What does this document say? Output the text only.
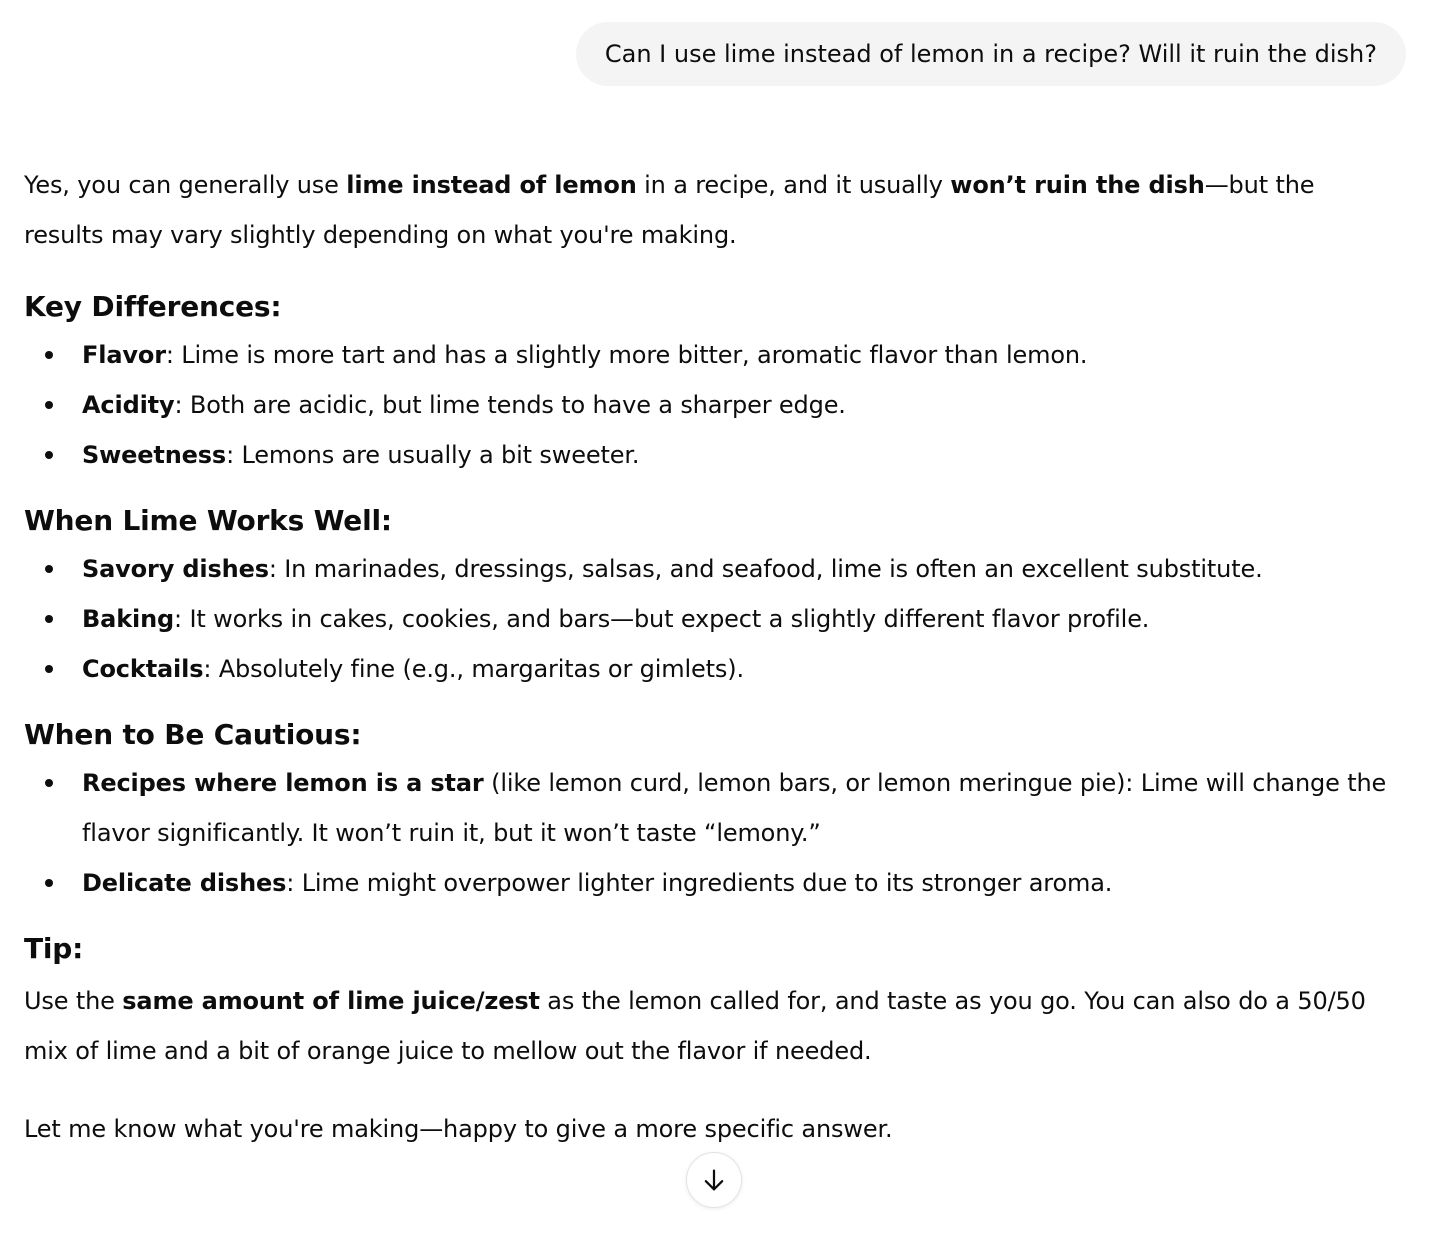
Can I use lime instead of lemon in a recipe? Will it ruin the dish?

Yes, you can generally use lime instead of lemon in a recipe, and it usually won’t ruin the dish—but the results may vary slightly depending on what you're making.

Key Differences:
Flavor: Lime is more tart and has a slightly more bitter, aromatic flavor than lemon.
Acidity: Both are acidic, but lime tends to have a sharper edge.
Sweetness: Lemons are usually a bit sweeter.
When Lime Works Well:
Savory dishes: In marinades, dressings, salsas, and seafood, lime is often an excellent substitute.
Baking: It works in cakes, cookies, and bars—but expect a slightly different flavor profile.
Cocktails: Absolutely fine (e.g., margaritas or gimlets).
When to Be Cautious:
Recipes where lemon is a star (like lemon curd, lemon bars, or lemon meringue pie): Lime will change the flavor significantly. It won’t ruin it, but it won’t taste “lemony.”
Delicate dishes: Lime might overpower lighter ingredients due to its stronger aroma.
Tip:

Use the same amount of lime juice/zest as the lemon called for, and taste as you go. You can also do a 50/50 mix of lime and a bit of orange juice to mellow out the flavor if needed.

Let me know what you're making—happy to give a more specific answer.
